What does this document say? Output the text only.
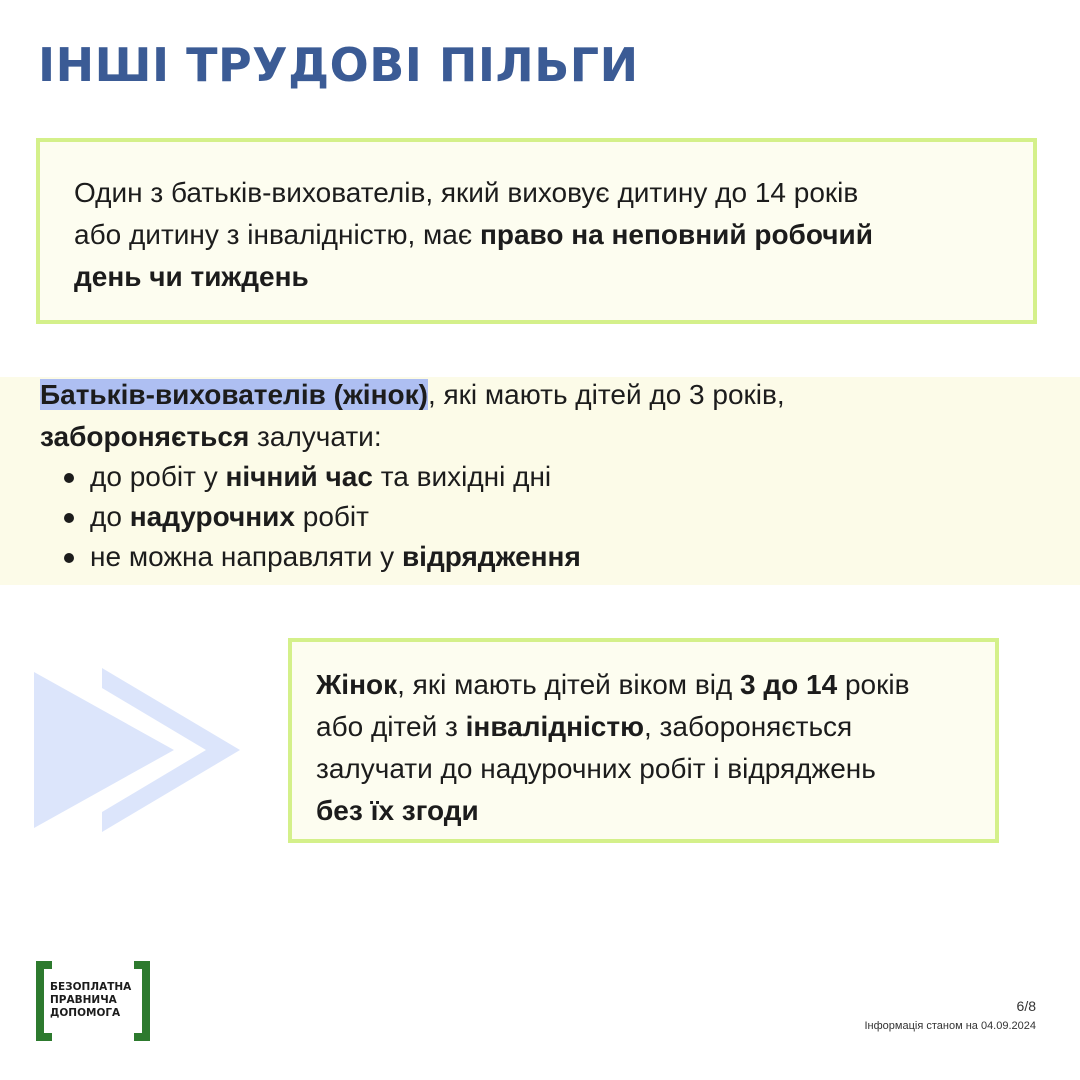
ІНШІ ТРУДОВІ ПІЛЬГИ

Один з батьків-вихователів, який виховує дитину до 14 років
або дитину з інвалідністю, має право на неповний робочий
день чи тиждень

Батьків-вихователів (жінок), які мають дітей до 3 років,
забороняється залучати:
до робіт у нічний час та вихідні дні
до надурочних робіт
не можна направляти у відрядження

Жінок, які мають дітей віком від 3 до 14 років
або дітей з інвалідністю, забороняється
залучати до надурочних робіт і відряджень
без їх згоди

БЕЗОПЛАТНА
ПРАВНИЧА
ДОПОМОГА	6/8
Інформація станом на 04.09.2024
